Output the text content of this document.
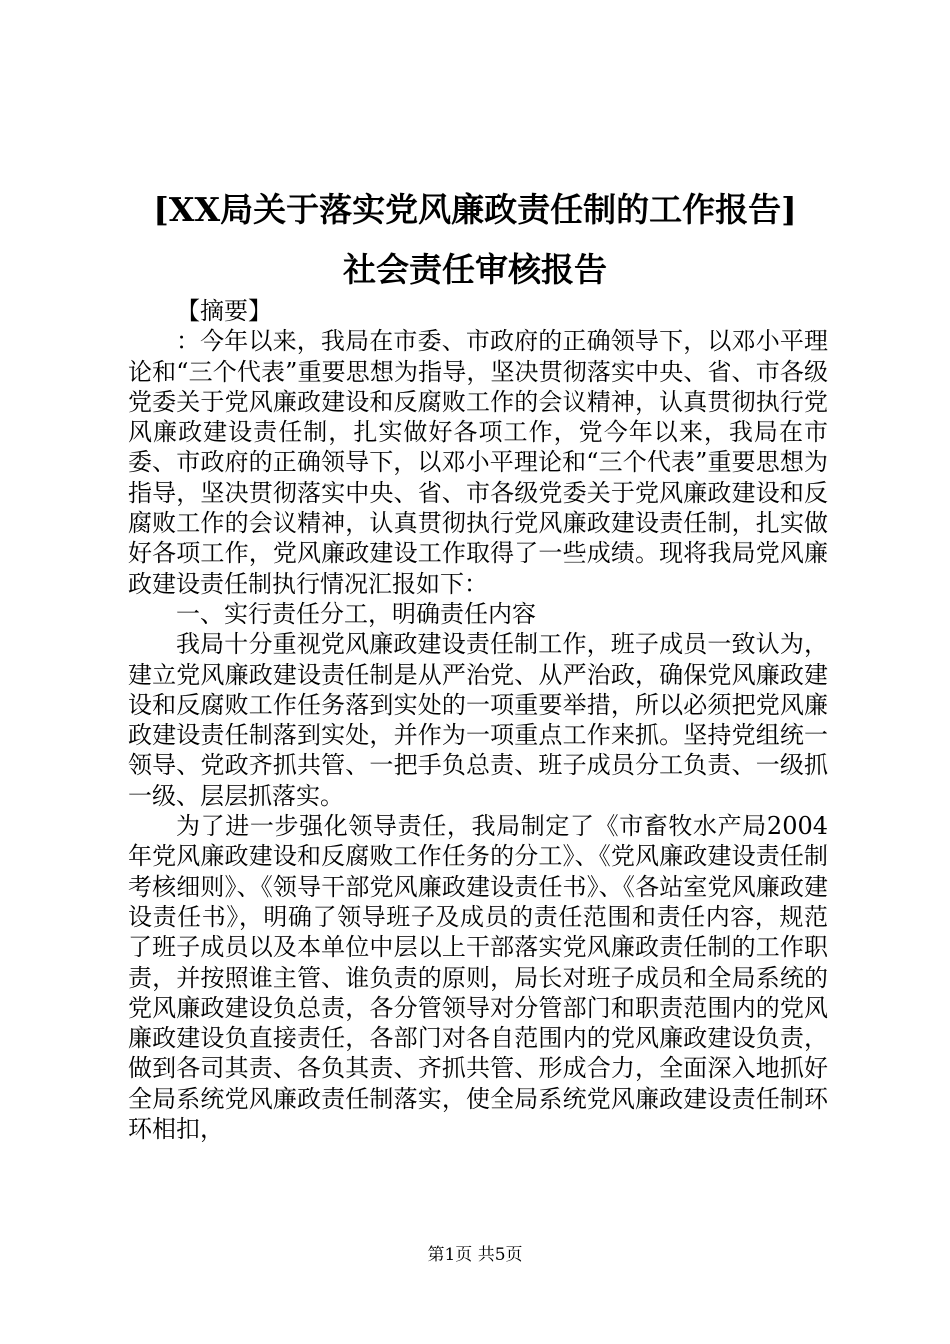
[XX局关于落实党风廉政责任制的工作报告]
社会责任审核报告

【摘要】

：今年以来，我局在市委、市政府的正确领导下，以邓小平理论和“三个代表”重要思想为指导，坚决贯彻落实中央、省、市各级党委关于党风廉政建设和反腐败工作的会议精神，认真贯彻执行党风廉政建设责任制，扎实做好各项工作，党今年以来，我局在市委、市政府的正确领导下，以邓小平理论和“三个代表”重要思想为指导，坚决贯彻落实中央、省、市各级党委关于党风廉政建设和反腐败工作的会议精神，认真贯彻执行党风廉政建设责任制，扎实做好各项工作，党风廉政建设工作取得了一些成绩。现将我局党风廉政建设责任制执行情况汇报如下：

一、实行责任分工，明确责任内容

我局十分重视党风廉政建设责任制工作，班子成员一致认为，建立党风廉政建设责任制是从严治党、从严治政，确保党风廉政建设和反腐败工作任务落到实处的一项重要举措，所以必须把党风廉政建设责任制落到实处，并作为一项重点工作来抓。坚持党组统一领导、党政齐抓共管、一把手负总责、班子成员分工负责、一级抓一级、层层抓落实。

为了进一步强化领导责任，我局制定了《市畜牧水产局2004年党风廉政建设和反腐败工作任务的分工》、《党风廉政建设责任制考核细则》、《领导干部党风廉政建设责任书》、《各站室党风廉政建设责任书》，明确了领导班子及成员的责任范围和责任内容，规范了班子成员以及本单位中层以上干部落实党风廉政责任制的工作职责，并按照谁主管、谁负责的原则，局长对班子成员和全局系统的党风廉政建设负总责，各分管领导对分管部门和职责范围内的党风廉政建设负直接责任，各部门对各自范围内的党风廉政建设负责，做到各司其责、各负其责、齐抓共管、形成合力，全面深入地抓好全局系统党风廉政责任制落实，使全局系统党风廉政建设责任制环环相扣，

第1页 共5页
